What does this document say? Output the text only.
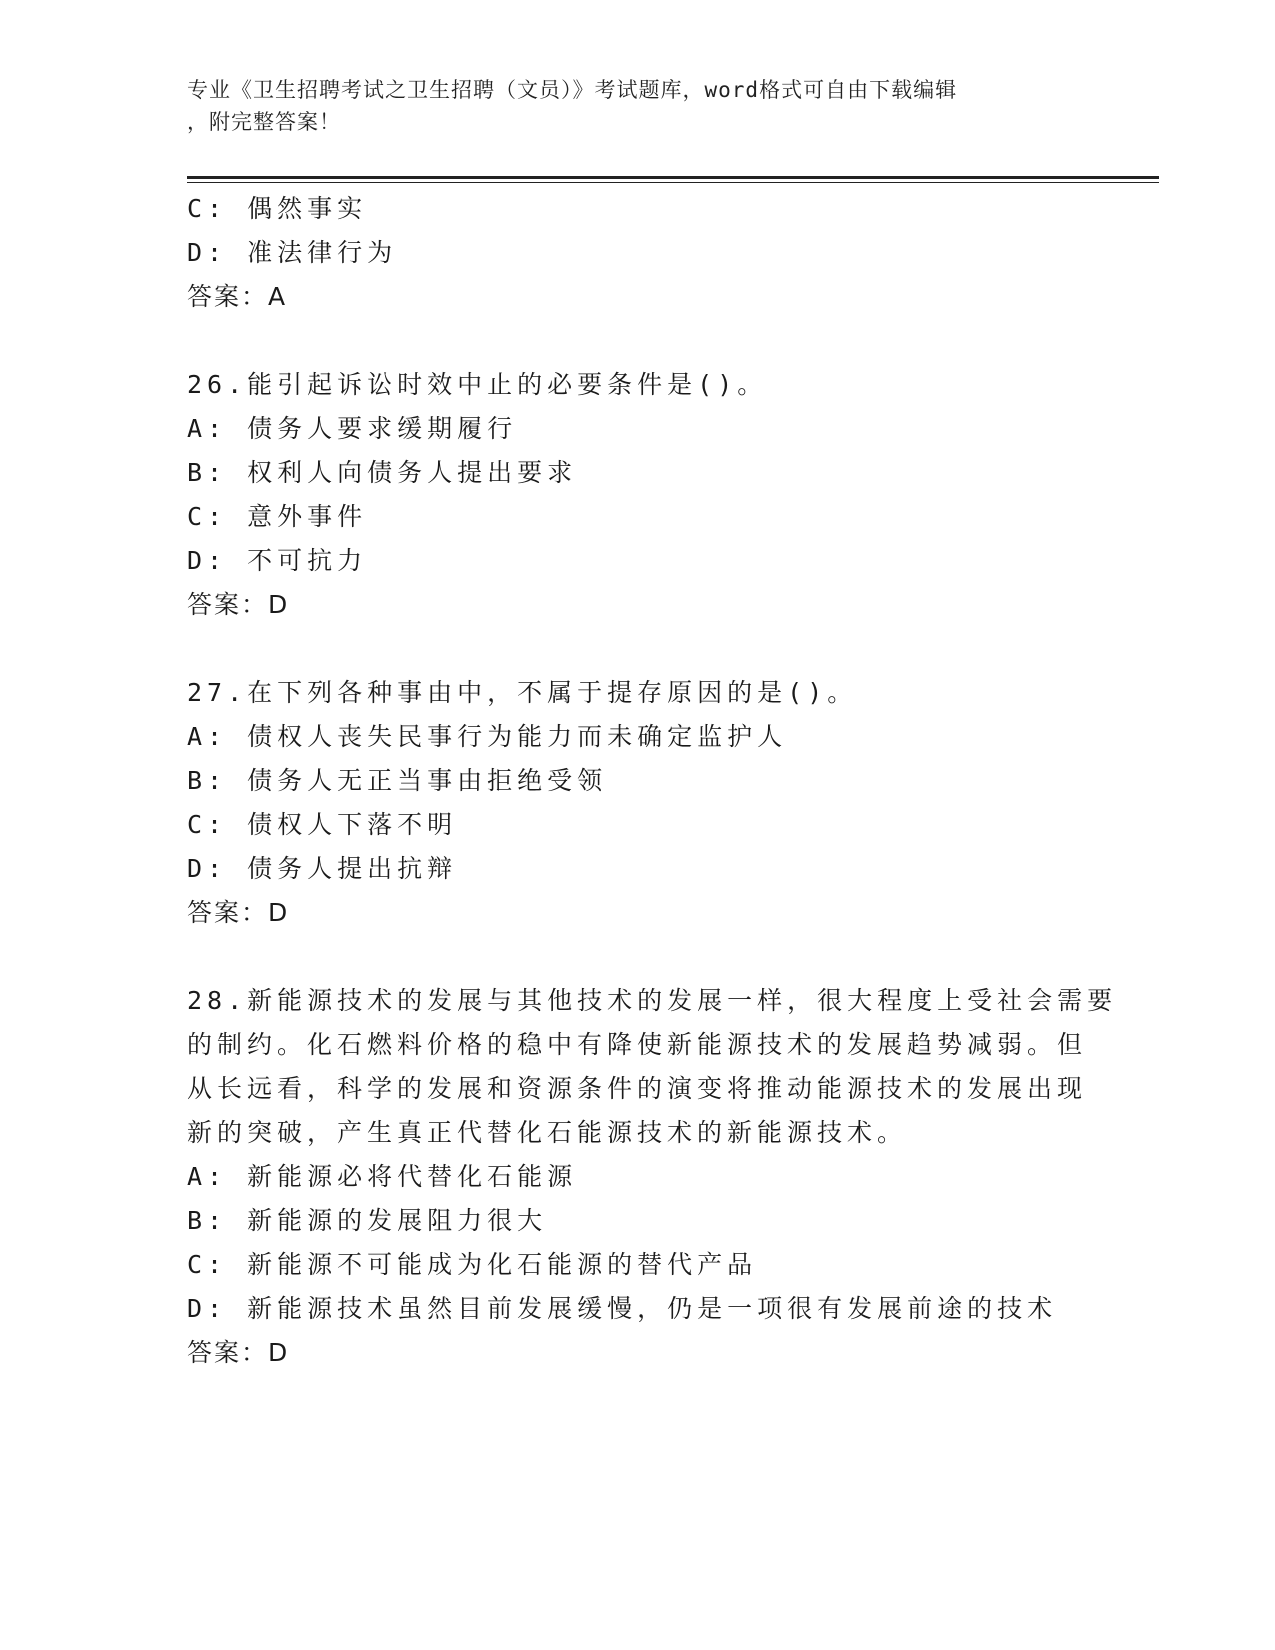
专业《卫生招聘考试之卫生招聘（文员）》考试题库，word格式可自由下载编辑
，附完整答案！
C: 偶然事实
D: 准法律行为
答案：A
26.能引起诉讼时效中止的必要条件是()。
A: 债务人要求缓期履行
B: 权利人向债务人提出要求
C: 意外事件
D: 不可抗力
答案：D
27.在下列各种事由中，不属于提存原因的是()。
A: 债权人丧失民事行为能力而未确定监护人
B: 债务人无正当事由拒绝受领
C: 债权人下落不明
D: 债务人提出抗辩
答案：D
28.新能源技术的发展与其他技术的发展一样，很大程度上受社会需要
的制约。化石燃料价格的稳中有降使新能源技术的发展趋势减弱。但
从长远看，科学的发展和资源条件的演变将推动能源技术的发展出现
新的突破，产生真正代替化石能源技术的新能源技术。
A: 新能源必将代替化石能源
B: 新能源的发展阻力很大
C: 新能源不可能成为化石能源的替代产品
D: 新能源技术虽然目前发展缓慢，仍是一项很有发展前途的技术
答案：D
